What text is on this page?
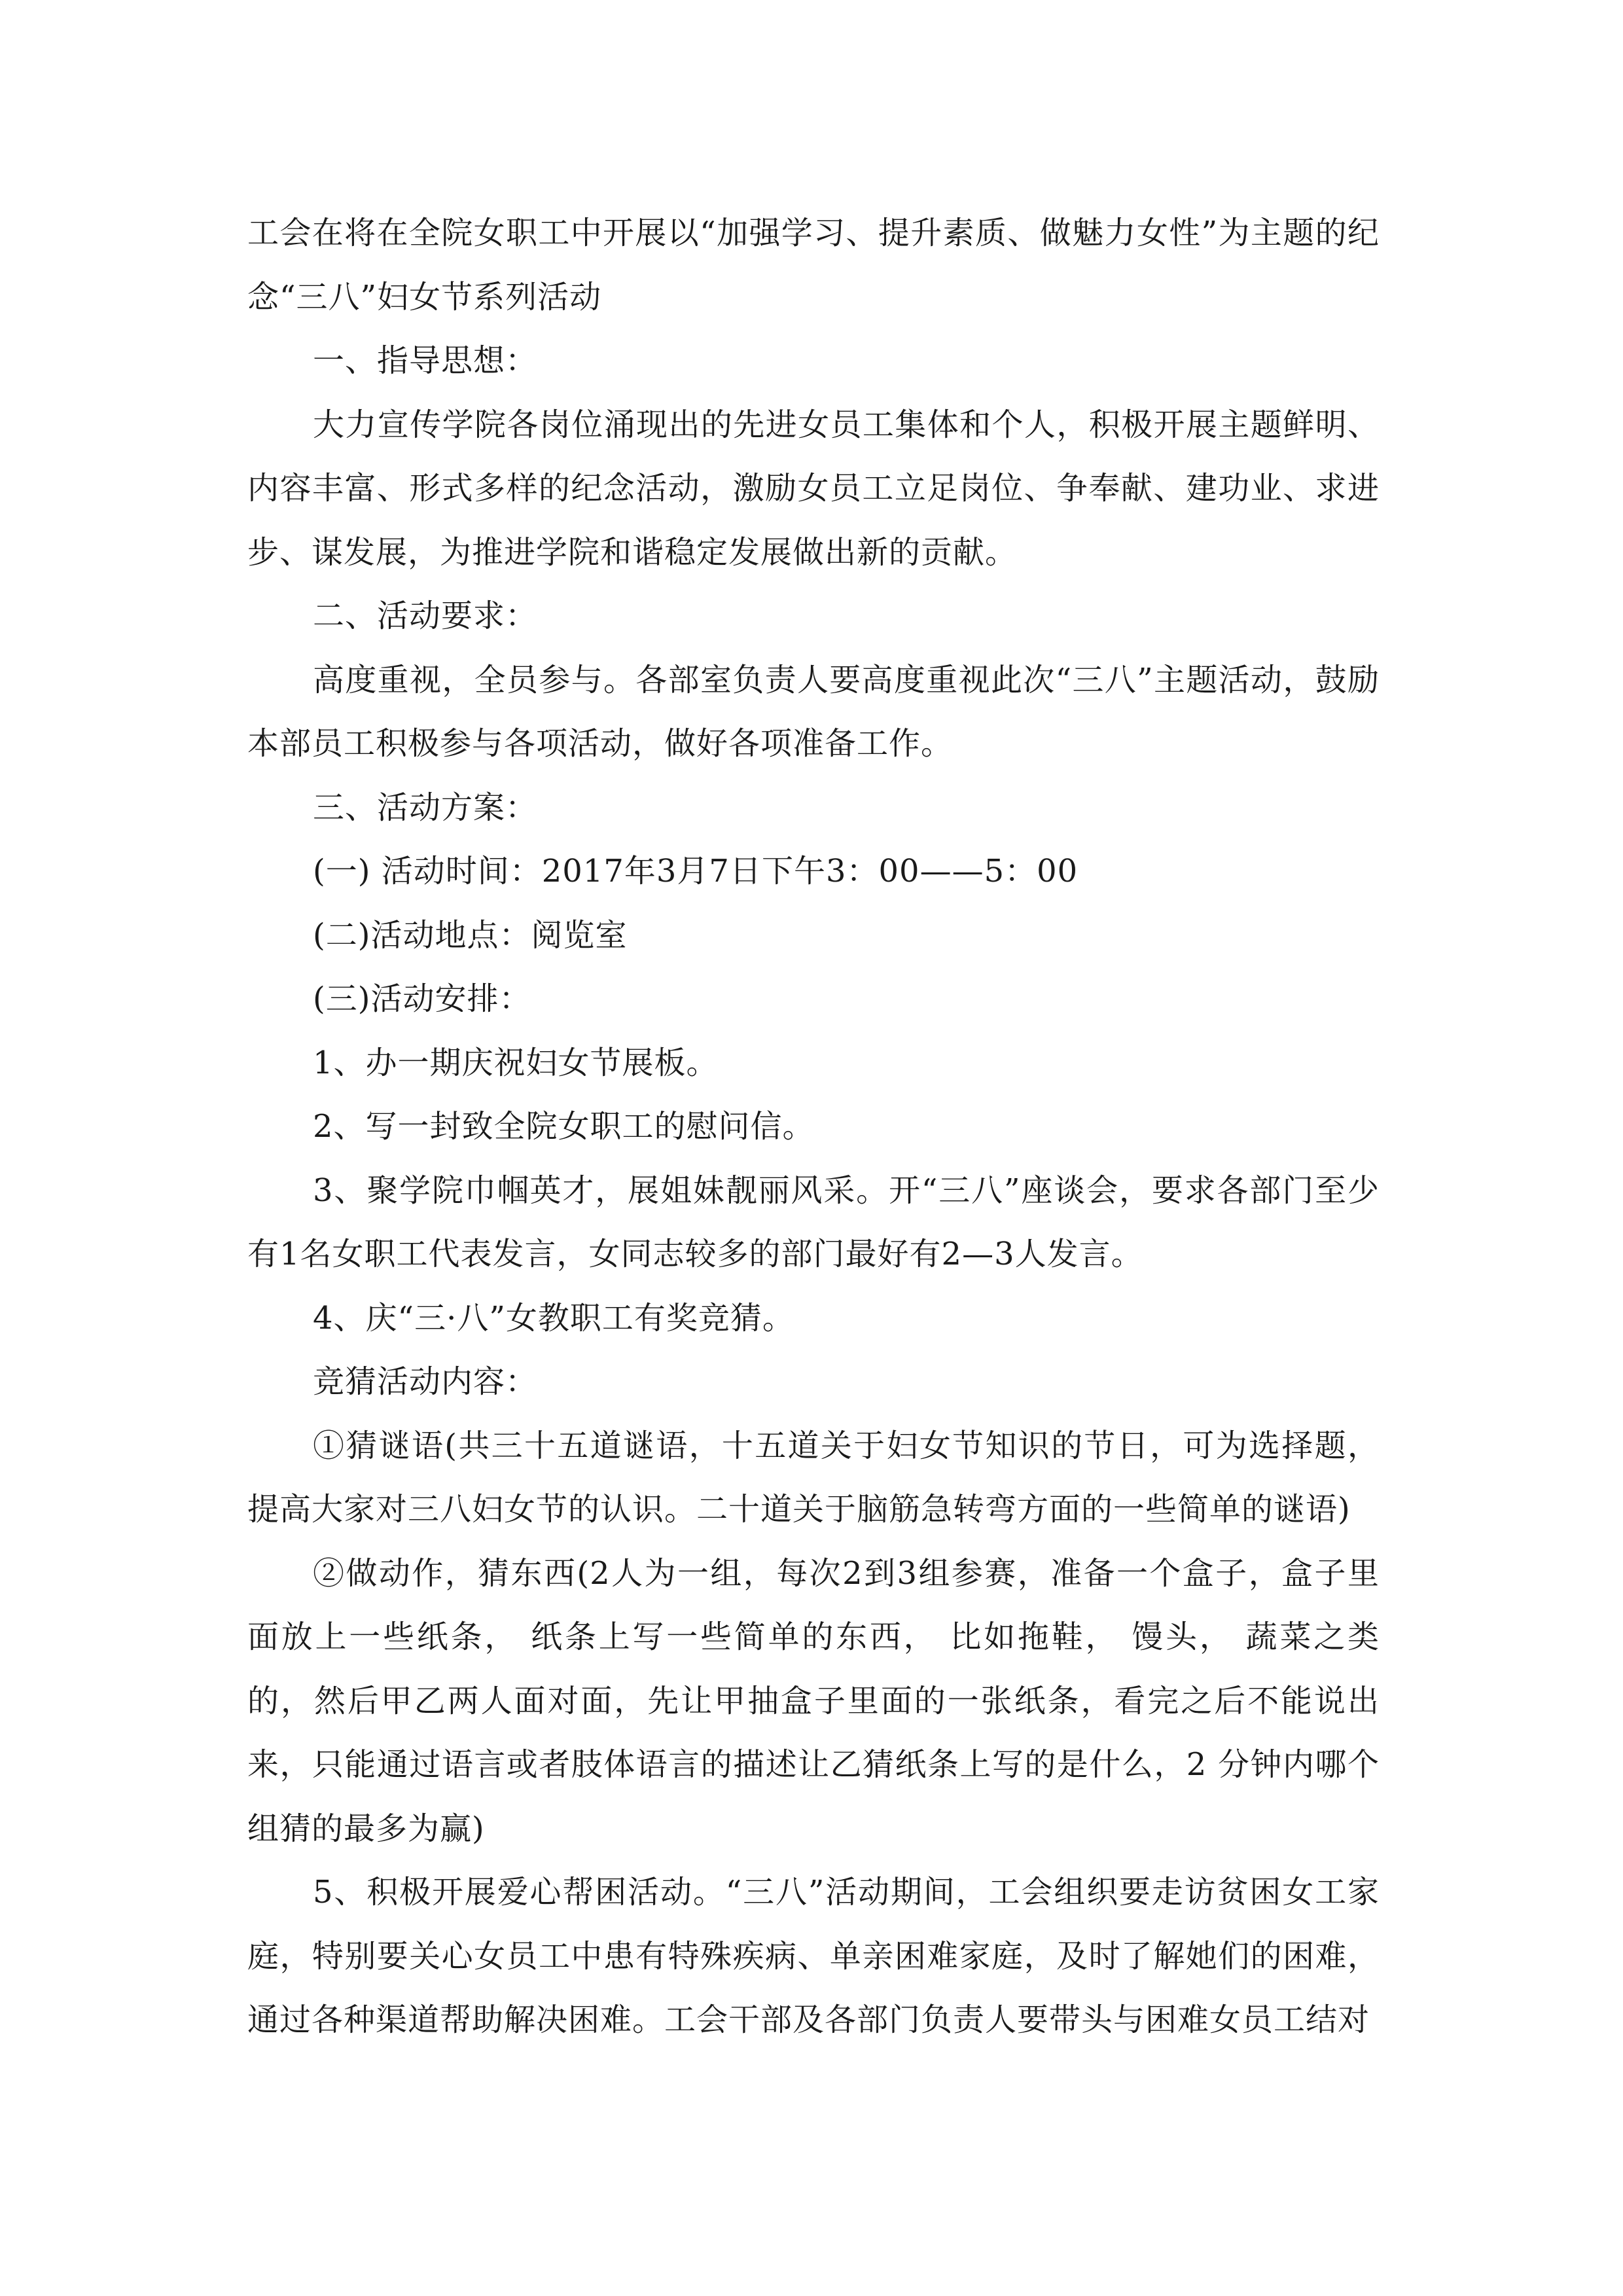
工会在将在全院女职工中开展以“加强学习、提升素质、做魅力女性”为主题的纪念“三八”妇女节系列活动

一、指导思想：

大力宣传学院各岗位涌现出的先进女员工集体和个人，积极开展主题鲜明、内容丰富、形式多样的纪念活动，激励女员工立足岗位、争奉献、建功业、求进步、谋发展，为推进学院和谐稳定发展做出新的贡献。

二、活动要求：

高度重视，全员参与。各部室负责人要高度重视此次“三八”主题活动，鼓励本部员工积极参与各项活动，做好各项准备工作。

三、活动方案：

(一) 活动时间：2017年3月7日下午3：00——5：00

(二)活动地点：阅览室

(三)活动安排：

1、办一期庆祝妇女节展板。

2、写一封致全院女职工的慰问信。

3、聚学院巾帼英才，展姐妹靓丽风采。开“三八”座谈会，要求各部门至少有1名女职工代表发言，女同志较多的部门最好有2—3人发言。

4、庆“三·八”女教职工有奖竞猜。

竞猜活动内容：

①猜谜语(共三十五道谜语，十五道关于妇女节知识的节日，可为选择题，提高大家对三八妇女节的认识。二十道关于脑筋急转弯方面的一些简单的谜语)

②做动作，猜东西(2人为一组，每次2到3组参赛，准备一个盒子，盒子里面放上一些纸条， 纸条上写一些简单的东西， 比如拖鞋， 馒头， 蔬菜之类的，然后甲乙两人面对面，先让甲抽盒子里面的一张纸条，看完之后不能说出来，只能通过语言或者肢体语言的描述让乙猜纸条上写的是什么，2 分钟内哪个组猜的最多为赢)

5、积极开展爱心帮困活动。“三八”活动期间，工会组织要走访贫困女工家庭，特别要关心女员工中患有特殊疾病、单亲困难家庭，及时了解她们的困难，通过各种渠道帮助解决困难。工会干部及各部门负责人要带头与困难女员工结对
